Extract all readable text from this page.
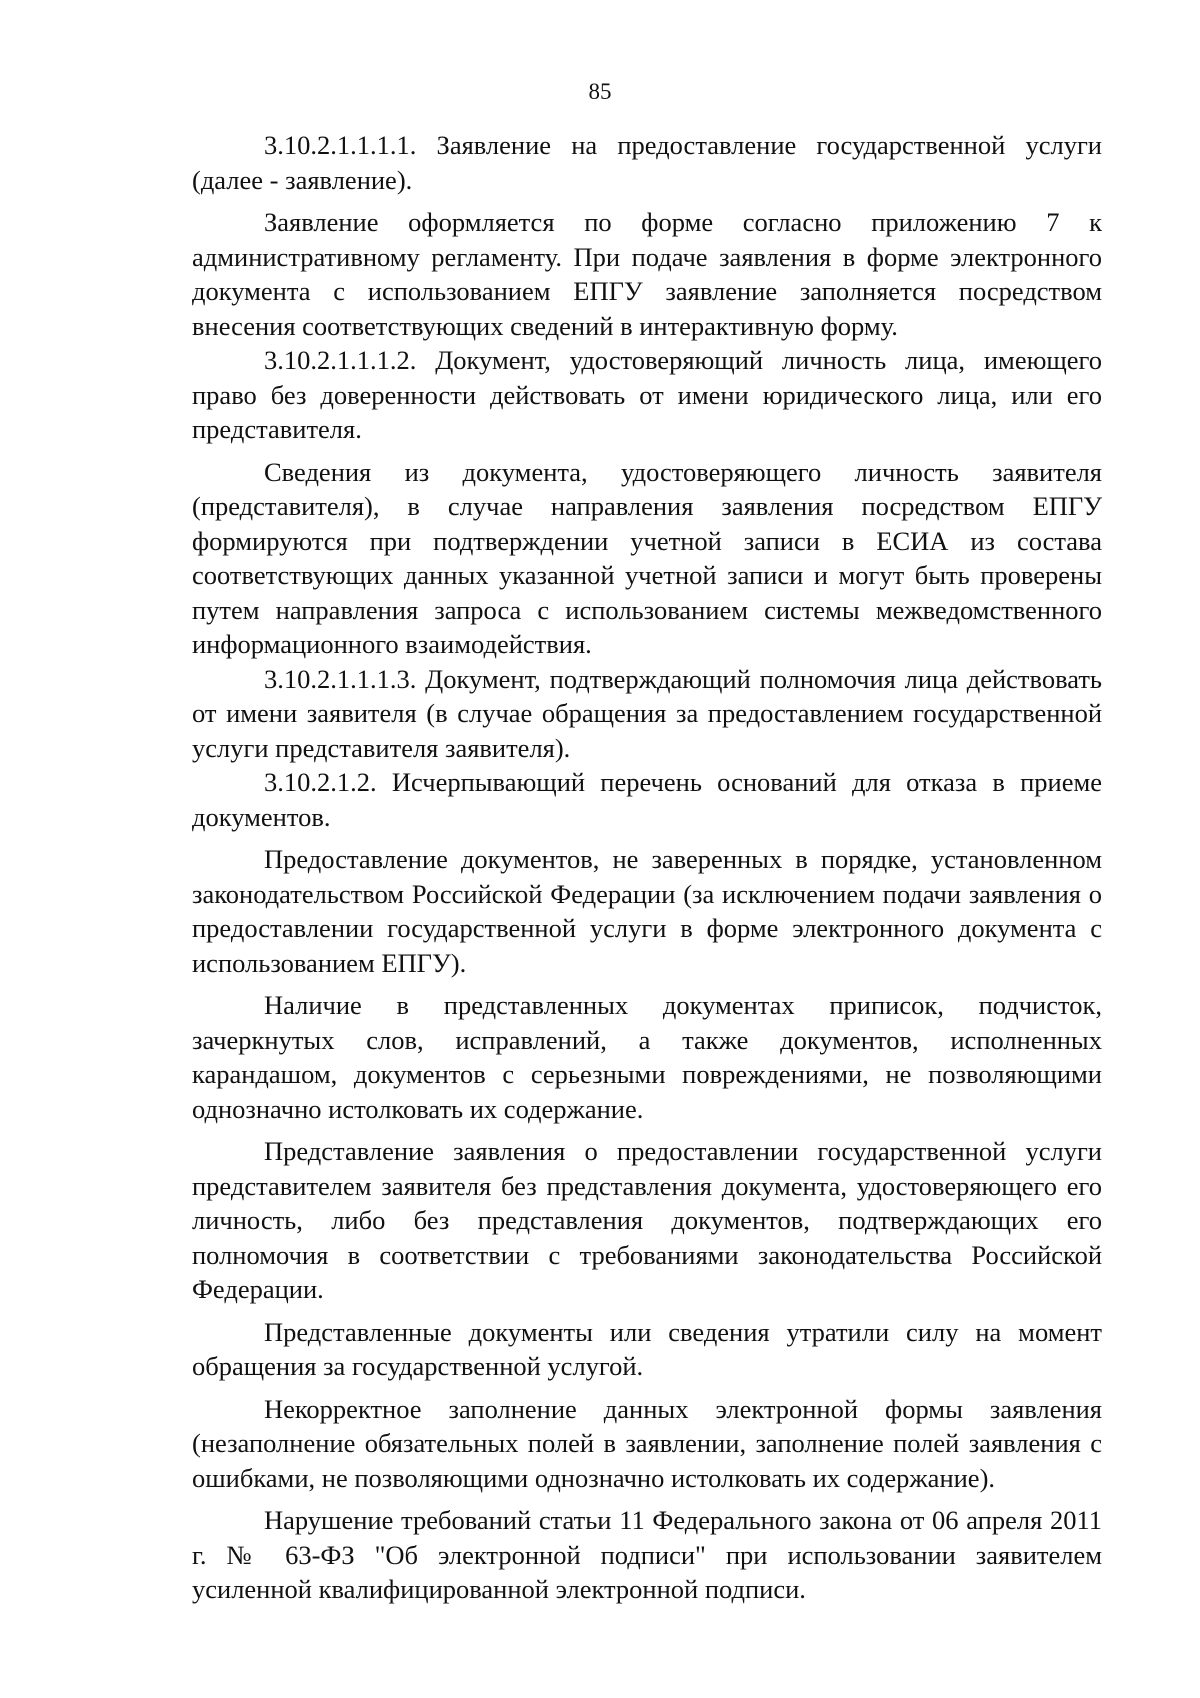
85

3.10.2.1.1.1.1. Заявление на предоставление государственной услуги (далее - заявление).

Заявление оформляется по форме согласно приложению 7 к административному регламенту. При подаче заявления в форме электронного документа с использованием ЕПГУ заявление заполняется посредством внесения соответствующих сведений в интерактивную форму.

3.10.2.1.1.1.2. Документ, удостоверяющий личность лица, имеющего право без доверенности действовать от имени юридического лица, или его представителя.

Сведения из документа, удостоверяющего личность заявителя (представителя), в случае направления заявления посредством ЕПГУ формируются при подтверждении учетной записи в ЕСИА из состава соответствующих данных указанной учетной записи и могут быть проверены путем направления запроса с использованием системы межведомственного информационного взаимодействия.

3.10.2.1.1.1.3. Документ, подтверждающий полномочия лица действовать от имени заявителя (в случае обращения за предоставлением государственной услуги представителя заявителя).

3.10.2.1.2. Исчерпывающий перечень оснований для отказа в приеме документов.

Предоставление документов, не заверенных в порядке, установленном законодательством Российской Федерации (за исключением подачи заявления о предоставлении государственной услуги в форме электронного документа с использованием ЕПГУ).

Наличие в представленных документах приписок, подчисток, зачеркнутых слов, исправлений, а также документов, исполненных карандашом, документов с серьезными повреждениями, не позволяющими однозначно истолковать их содержание.

Представление заявления о предоставлении государственной услуги представителем заявителя без представления документа, удостоверяющего его личность, либо без представления документов, подтверждающих его полномочия в соответствии с требованиями законодательства Российской Федерации.

Представленные документы или сведения утратили силу на момент обращения за государственной услугой.

Некорректное заполнение данных электронной формы заявления (незаполнение обязательных полей в заявлении, заполнение полей заявления с ошибками, не позволяющими однозначно истолковать их содержание).

Нарушение требований статьи 11 Федерального закона от 06 апреля 2011 г. № 63-ФЗ "Об электронной подписи" при использовании заявителем усиленной квалифицированной электронной подписи.
